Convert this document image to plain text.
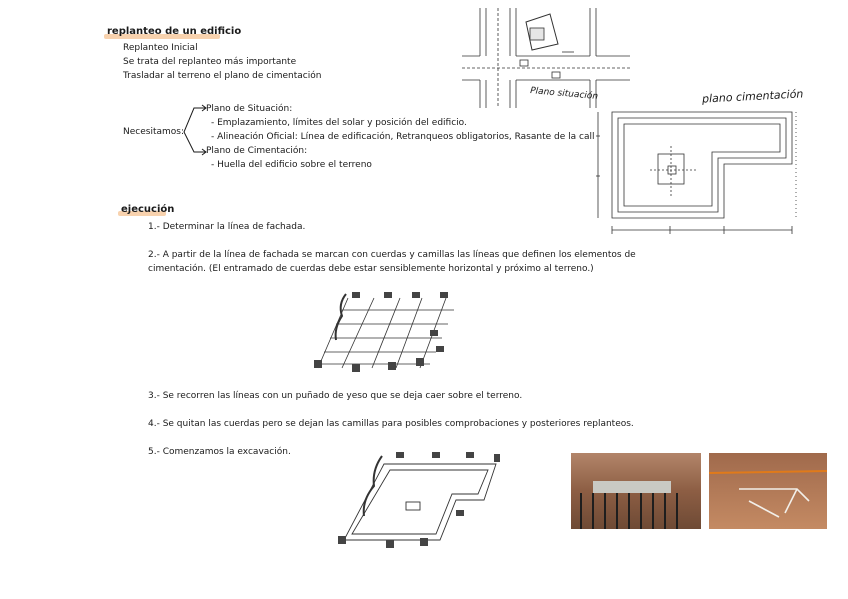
replanteo de un edificio
Replanteo Inicial
Se trata del replanteo más importante
Trasladar al terreno el plano de cimentación
Necesitamos:
Plano de Situación:
- Emplazamiento, límites del solar y posición del edificio.
- Alineación Oficial: Línea de edificación, Retranqueos obligatorios, Rasante de la call
Plano de Cimentación:
- Huella del edificio sobre el terreno
Plano situación	plano cimentación
ejecución
1.- Determinar la línea de fachada.
2.- A partir de la línea de fachada se marcan con cuerdas y camillas las líneas que definen los elementos de
cimentación. (El entramado de cuerdas debe estar sensiblemente horizontal y próximo al terreno.)
3.- Se recorren las líneas con un puñado de yeso que se deja caer sobre el terreno.
4.- Se quitan las cuerdas pero se dejan las camillas para posibles comprobaciones y posteriores replanteos.
5.- Comenzamos la excavación.
